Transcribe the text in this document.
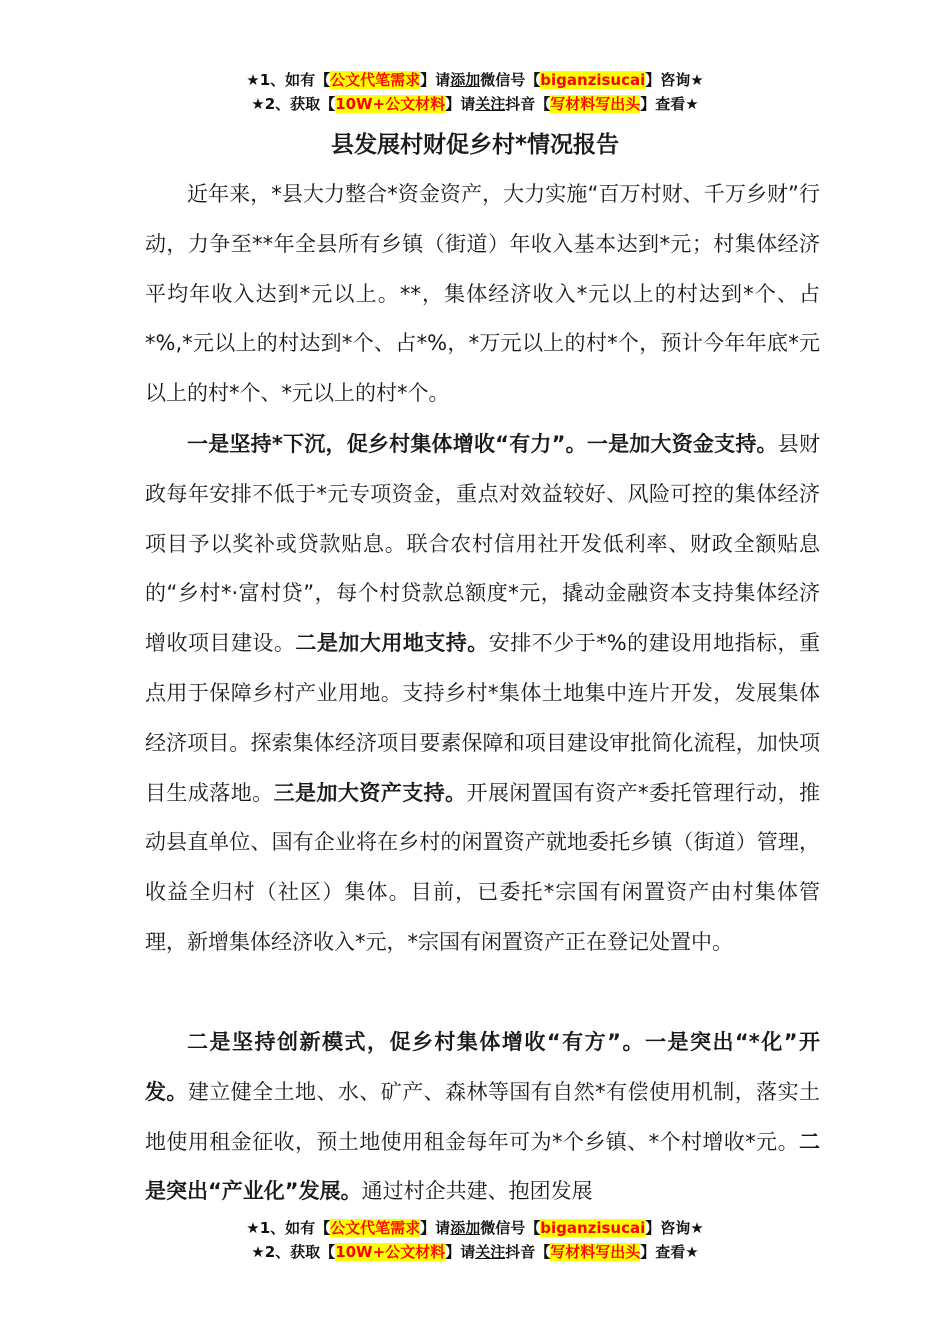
★1、如有【公文代笔需求】请添加微信号【biganzisucai】咨询★
★2、获取【10W+公文材料】请关注抖音【写材料写出头】查看★
县发展村财促乡村*情况报告

近年来，*县大力整合*资金资产，大力实施“百万村财、千万乡财”行动，力争至**年全县所有乡镇（街道）年收入基本达到*元；村集体经济平均年收入达到*元以上。**，集体经济收入*元以上的村达到*个、占*%,*元以上的村达到*个、占*%，*万元以上的村*个，预计今年年底*元以上的村*个、*元以上的村*个。

一是坚持*下沉，促乡村集体增收“有力”。一是加大资金支持。县财政每年安排不低于*元专项资金，重点对效益较好、风险可控的集体经济项目予以奖补或贷款贴息。联合农村信用社开发低利率、财政全额贴息的“乡村*·富村贷”，每个村贷款总额度*元，撬动金融资本支持集体经济增收项目建设。二是加大用地支持。安排不少于*%的建设用地指标，重点用于保障乡村产业用地。支持乡村*集体土地集中连片开发，发展集体经济项目。探索集体经济项目要素保障和项目建设审批简化流程，加快项目生成落地。三是加大资产支持。开展闲置国有资产*委托管理行动，推动县直单位、国有企业将在乡村的闲置资产就地委托乡镇（街道）管理，收益全归村（社区）集体。目前，已委托*宗国有闲置资产由村集体管理，新增集体经济收入*元，*宗国有闲置资产正在登记处置中。

二是坚持创新模式，促乡村集体增收“有方”。一是突出“*化”开发。建立健全土地、水、矿产、森林等国有自然*有偿使用机制，落实土地使用租金征收，预土地使用租金每年可为*个乡镇、*个村增收*元。二是突出“产业化”发展。通过村企共建、抱团发展

★1、如有【公文代笔需求】请添加微信号【biganzisucai】咨询★
★2、获取【10W+公文材料】请关注抖音【写材料写出头】查看★
